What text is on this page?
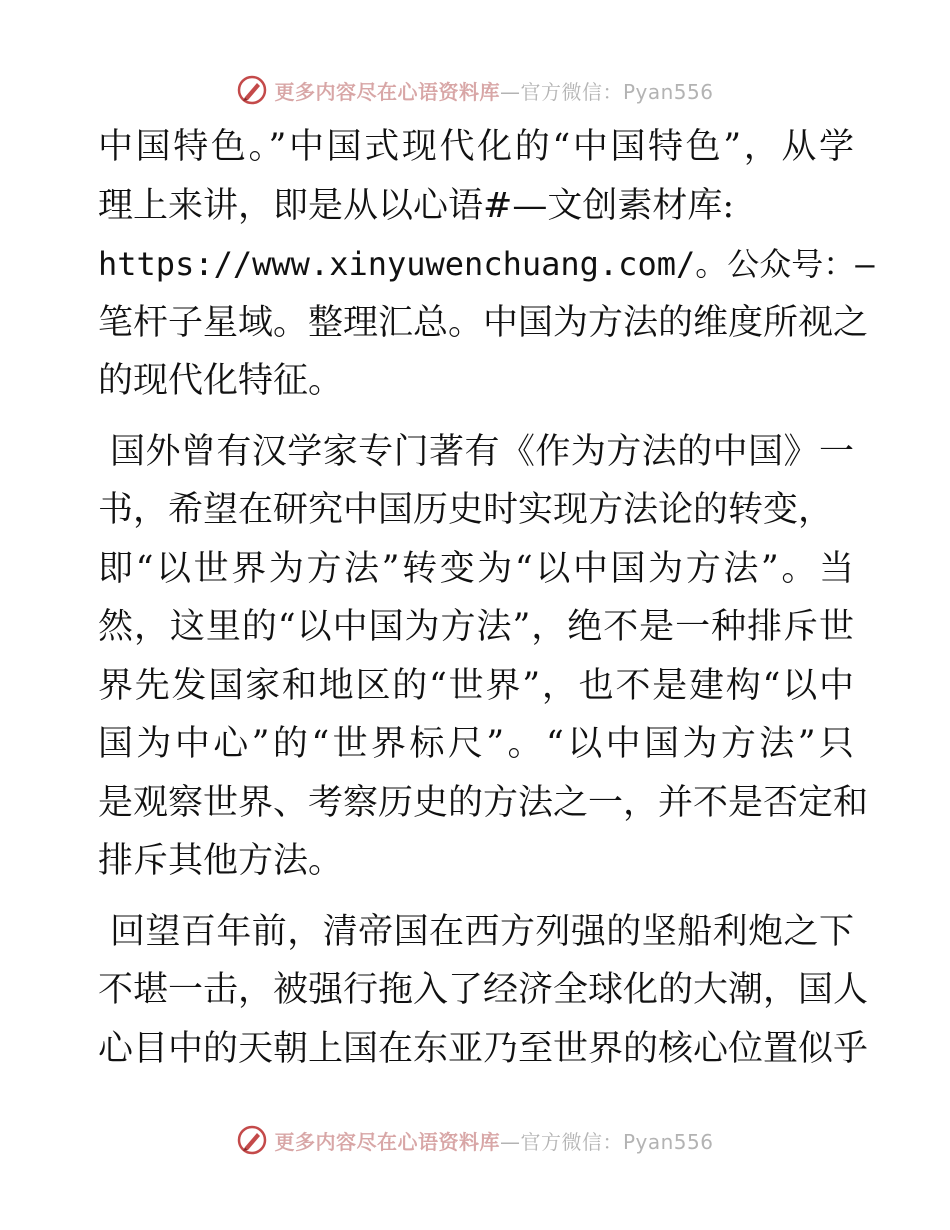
更多内容尽在心语资料库—官方微信：Pyan556
中国特色。”中国式现代化的“中国特色”，从学
理上来讲，即是从以心语#—文创素材库:
https://www.xinyuwenchuang.com/。公众号：—
笔杆子星域。整理汇总。中国为方法的维度所视之
的现代化特征。
国外曾有汉学家专门著有《作为方法的中国》一
书，希望在研究中国历史时实现方法论的转变，
即“以世界为方法”转变为“以中国为方法”。当
然，这里的“以中国为方法”，绝不是一种排斥世
界先发国家和地区的“世界”，也不是建构“以中
国为中心”的“世界标尺”。“以中国为方法”只
是观察世界、考察历史的方法之一，并不是否定和
排斥其他方法。
回望百年前，清帝国在西方列强的坚船利炮之下
不堪一击，被强行拖入了经济全球化的大潮，国人
心目中的天朝上国在东亚乃至世界的核心位置似乎
更多内容尽在心语资料库—官方微信：Pyan556
